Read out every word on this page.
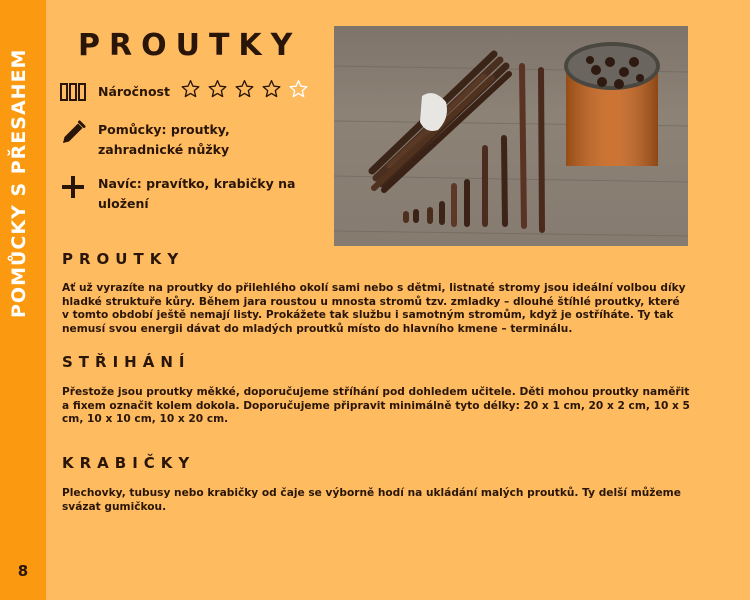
POMŮCKY S PŘESAHEM
8
PROUTKY
Náročnost
Pomůcky: proutky, zahradnické nůžky
Navíc: pravítko, krabičky na uložení
PROUTKY
Ať už vyrazíte na proutky do přilehlého okolí sami nebo s dětmi, listnaté stromy jsou ideální volbou díky hladké struktuře kůry. Během jara roustou u mnosta stromů tzv. zmladky – dlouhé štíhlé proutky, které v tomto období ještě nemají listy. Prokážete tak službu i samotným stromům, když je ostříháte. Ty tak nemusí svou energii dávat do mladých proutků místo do hlavního kmene – terminálu.
STŘIHÁNÍ
Přestože jsou proutky měkké, doporučujeme stříhání pod dohledem učitele. Děti mohou proutky naměřit a fixem označit kolem dokola. Doporučujeme připravit minimálně tyto délky: 20 x 1 cm, 20 x 2 cm, 10 x 5 cm, 10 x 10 cm, 10 x 20 cm.
KRABIČKY
Plechovky, tubusy nebo krabičky od čaje se výborně hodí na ukládání malých proutků. Ty delší můžeme svázat gumičkou.
